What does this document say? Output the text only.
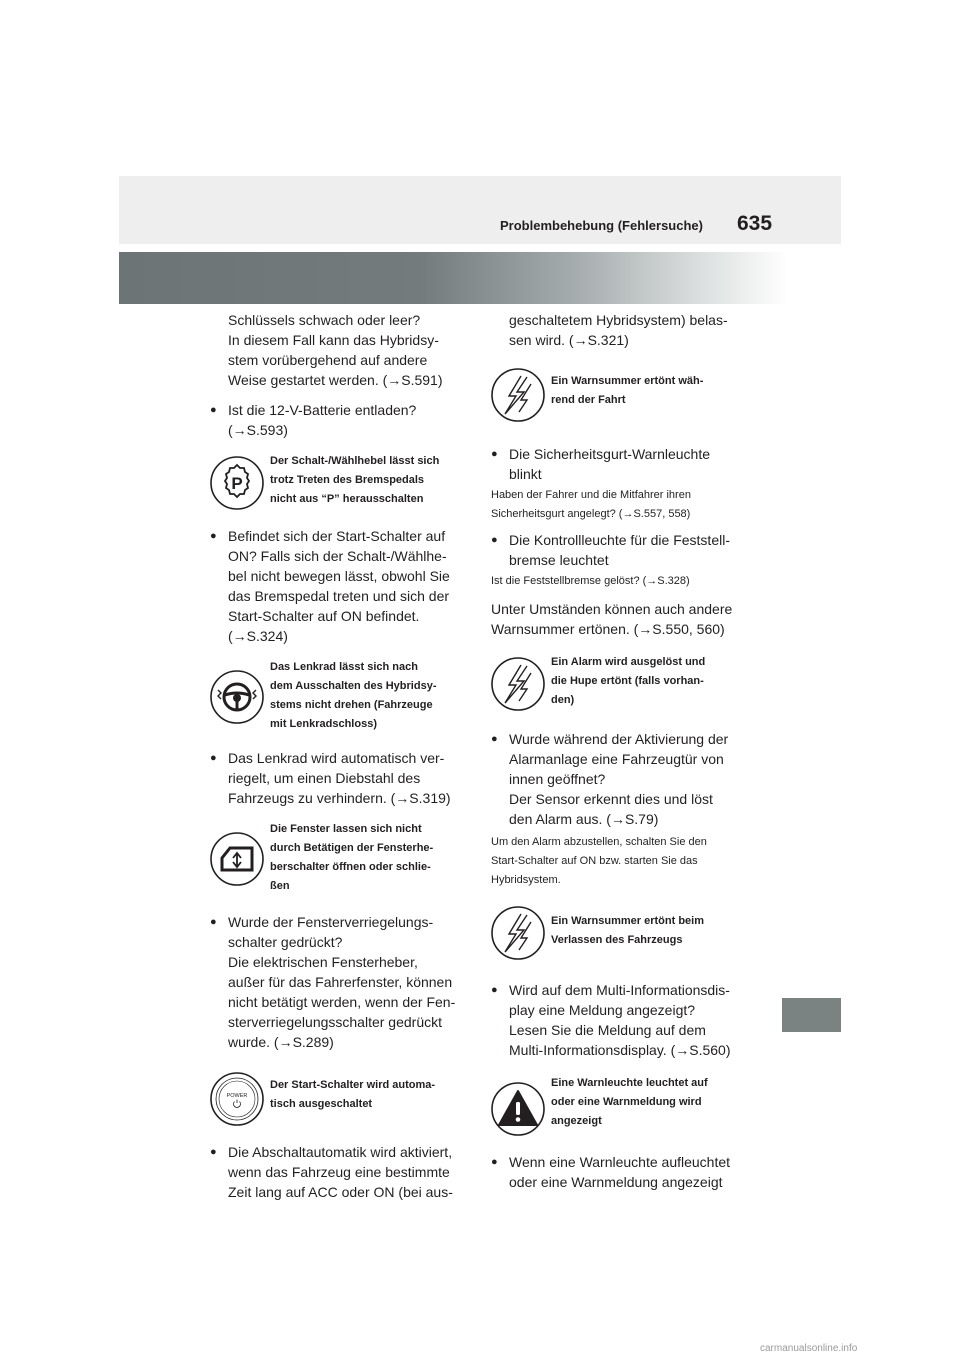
Problembehebung (Fehlersuche) 635

Schlüssels schwach oder leer?

In diesem Fall kann das Hybridsy-

stem vorübergehend auf andere

Weise gestartet werden. (→S.591)

● Ist die 12-V-Batterie entladen?

(→S.593)

P

Der Schalt-/Wählhebel lässt sich

trotz Treten des Bremspedals

nicht aus “P” herausschalten

● Befindet sich der Start-Schalter auf

ON? Falls sich der Schalt-/Wählhe-

bel nicht bewegen lässt, obwohl Sie

das Bremspedal treten und sich der

Start-Schalter auf ON befindet.

(→S.324)

Das Lenkrad lässt sich nach

dem Ausschalten des Hybridsy-

stems nicht drehen (Fahrzeuge

mit Lenkradschloss)

● Das Lenkrad wird automatisch ver-

riegelt, um einen Diebstahl des

Fahrzeugs zu verhindern. (→S.319)

Die Fenster lassen sich nicht

durch Betätigen der Fensterhe-

berschalter öffnen oder schlie-

ßen

● Wurde der Fensterverriegelungs-

schalter gedrückt?

Die elektrischen Fensterheber,

außer für das Fahrerfenster, können

nicht betätigt werden, wenn der Fen-

sterverriegelungsschalter gedrückt

wurde. (→S.289)

POWER

Der Start-Schalter wird automa-

tisch ausgeschaltet

● Die Abschaltautomatik wird aktiviert,

wenn das Fahrzeug eine bestimmte

Zeit lang auf ACC oder ON (bei aus-

geschaltetem Hybridsystem) belas-

sen wird. (→S.321)

Ein Warnsummer ertönt wäh-

rend der Fahrt

● Die Sicherheitsgurt-Warnleuchte

blinkt

Haben der Fahrer und die Mitfahrer ihren

Sicherheitsgurt angelegt? (→S.557, 558)

● Die Kontrollleuchte für die Feststell-

bremse leuchtet

Ist die Feststellbremse gelöst? (→S.328)

Unter Umständen können auch andere

Warnsummer ertönen. (→S.550, 560)

Ein Alarm wird ausgelöst und

die Hupe ertönt (falls vorhan-

den)

● Wurde während der Aktivierung der

Alarmanlage eine Fahrzeugtür von

innen geöffnet?

Der Sensor erkennt dies und löst

den Alarm aus. (→S.79)

Um den Alarm abzustellen, schalten Sie den

Start-Schalter auf ON bzw. starten Sie das

Hybridsystem.

Ein Warnsummer ertönt beim

Verlassen des Fahrzeugs

● Wird auf dem Multi-Informationsdis-

play eine Meldung angezeigt?

Lesen Sie die Meldung auf dem

Multi-Informationsdisplay. (→S.560)

Eine Warnleuchte leuchtet auf

oder eine Warnmeldung wird

angezeigt

● Wenn eine Warnleuchte aufleuchtet

oder eine Warnmeldung angezeigt

carmanualsonline.info
